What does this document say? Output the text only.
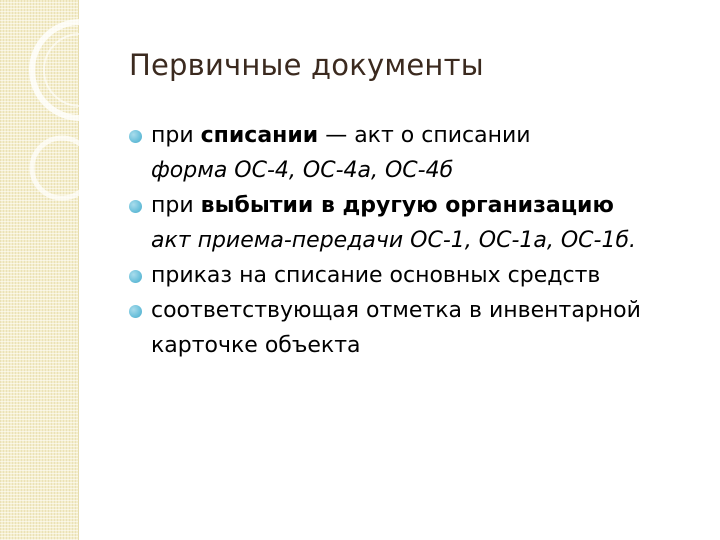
Первичные документы
при списании — акт о списании
форма ОС-4, ОС-4а, ОС-4б
при выбытии в другую организацию
акт приема-передачи ОС-1, ОС-1а, ОС-1б.
приказ на списание основных средств
соответствующая отметка в инвентарной карточке объекта
